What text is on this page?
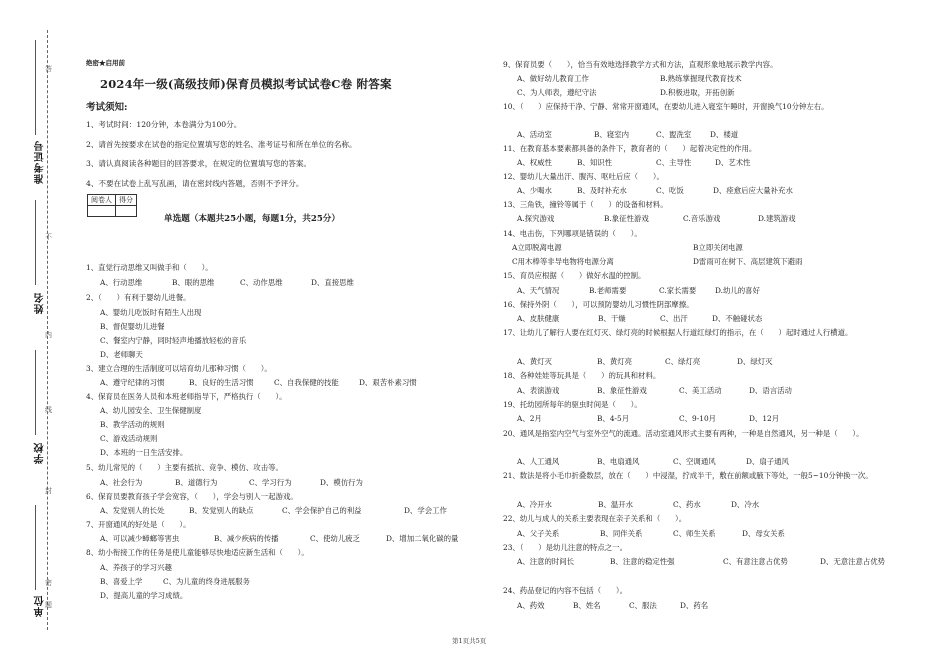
准考证号
姓名
学校
单位
密
不
内
线
封
题
答
绝密★启用前
2024年一级(高级技师)保育员模拟考试试卷C卷 附答案
考试须知:
1、考试时间：120分钟，本卷满分为100分。
2、请首先按要求在试卷的指定位置填写您的姓名、准考证号和所在单位的名称。
3、请认真阅读各种题目的回答要求，在规定的位置填写您的答案。
4、不要在试卷上乱写乱画，请在密封线内答题，否则不予评分。
阅卷人	得分

单选题（本题共25小题，每题1分，共25分）
1、直觉行动思维又叫做手和（　　）。
A、行动思维	B、眼的思维	C、动作思维	D、直接思维
2、（　　）有利于婴幼儿进餐。
A、婴幼儿吃饭时有陌生人出现
B、督促婴幼儿进餐
C、餐室内宁静，同时轻声地播放轻松的音乐
D、老师聊天
3、建立合理的生活制度可以培育幼儿那种习惯（　　）。
A、遵守纪律的习惯	B、良好的生活习惯	C、自我保健的技能	D、艰苦朴素习惯
4、保育员在医务人员和本班老师指导下，严格执行（　　）。
A、幼儿园安全、卫生保健制度
B、教学活动的规则
C、游戏活动规则
D、本班的一日生活安排。
5、幼儿常见的（　　）主要有抵抗、竞争、模仿、攻击等。
A、社会行为	B、道德行为	C、学习行为	D、模仿行为
6、保育员要教育孩子学会宽容，（　　），学会与别人一起游戏。
A、发觉别人的长处	B、发觉别人的缺点	C、学会保护自己的利益	D、学会工作
7、开窗通风的好处是（　　）。
A、可以减少蟑螂等害虫	B、减少疾病的传播	C、使幼儿疲乏	D、增加二氧化碳的量
8、幼小衔接工作的任务是使儿童能够尽快地适应新生活和（　　）。
A、养孩子的学习兴趣
B、喜爱上学	C、为儿童的终身进展服务
D、提高儿童的学习成绩。
9、保育员要（　　），恰当有效地选择教学方式和方法，直观形象地展示教学内容。
A、做好幼儿教育工作	B.熟练掌握现代教育技术
C、为人师表，遵纪守法	D.积极进取，开拓创新
10、（　　）应保持干净、宁静、常常开窗通风，在要幼儿进入寝室午睡时，开窗换气10分钟左右。
A、活动室	B、寝室内	C、盥洗室	D、楼道
11、在教育基本要素都具备的条件下，教育者的（　　）起着决定性的作用。
A、权威性	B、知识性	C、主导性	D、艺术性
12、婴幼儿大量出汗、腹泻、呕吐后应（　　）。
A、少喝水	B、及时补充水	C、吃饭	D、痊愈后应大量补充水
13、三角铁，撞铃等属于（　　）的设备和材料。
A.探究游戏	B.象征性游戏	C.音乐游戏	D.建筑游戏
14、电击伤，下列哪项是错误的（　　）。
A立即脱离电源	B立即关闭电源
C用木棒等非导电物将电源分离	D雷雨可在树下、高层建筑下避雨
15、育员应根据（　　）做好水温的控制。
A、天气情况	B.老师需要	C.家长需要	D.幼儿的喜好
16、保持外阴（　　），可以预防婴幼儿习惯性阴部摩擦。
A、皮肤健康	B、干燥	C、出汗	D、不触碰状态
17、让幼儿了解行人要在红灯灭、绿灯亮的时候根据人行道红绿灯的指示，在（　　）起时通过人行横道。
A、黄灯灭	B、黄灯亮	C、绿灯亮	D、绿灯灭
18、各种娃娃等玩具是（　　）的玩具和材料。
A、表演游戏	B、象征性游戏	C、美工活动	D、语言活动
19、托幼园所每年的驱虫时间是（　　）。
A、2月	B、4-5月	C、9-10月	D、12月
20、通风是指室内空气与室外空气的流通。活动室通风形式主要有两种，一种是自然通风，另一种是（　　）。
A、人工通风	B、电扇通风	C、空调通风	D、扇子通风
21、数法是将小毛巾折叠数层，放在（　　）中浸湿，拧成半干，敷在前额或腋下等处，一般5~10分钟换一次。
A、冷开水	B、温开水	C、药水	D、冷水
22、幼儿与成人的关系主要表现在亲子关系和（　　）。
A、父子关系	B、同伴关系	C、师生关系	D、母女关系
23、（　　）是幼儿注意的特点之一。
A、注意的时间长	B、注意的稳定性强	C、有意注意占优势	D、无意注意占优势
24、药品登记的内容不包括（　　）。
A、药效	B、姓名	C、服法	D、药名
第1页共5页
